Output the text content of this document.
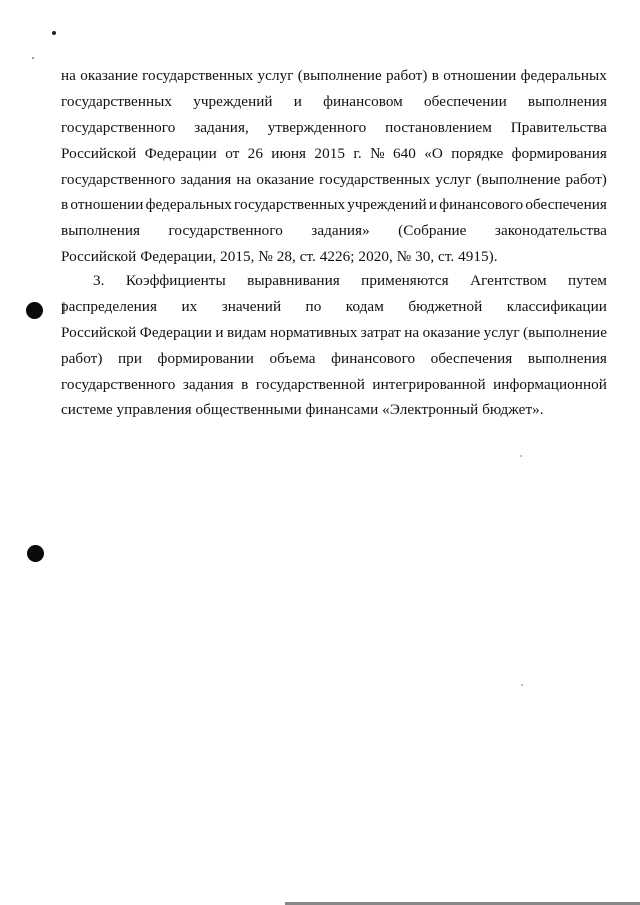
на оказание государственных услуг (выполнение работ) в отношении федеральных
государственных учреждений и финансовом обеспечении выполнения
государственного задания, утвержденного постановлением Правительства
Российской Федерации от 26 июня 2015 г. № 640 «О порядке формирования
государственного задания на оказание государственных услуг (выполнение работ)
в отношении федеральных государственных учреждений и финансового обеспечения
выполнения государственного задания» (Собрание законодательства
Российской Федерации, 2015, № 28, ст. 4226; 2020, № 30, ст. 4915).
3. Коэффициенты выравнивания применяются Агентством путем
распределения их значений по кодам бюджетной классификации
Российской Федерации и видам нормативных затрат на оказание услуг (выполнение
работ) при формировании объема финансового обеспечения выполнения
государственного задания в государственной интегрированной информационной
системе управления общественными финансами «Электронный бюджет».
